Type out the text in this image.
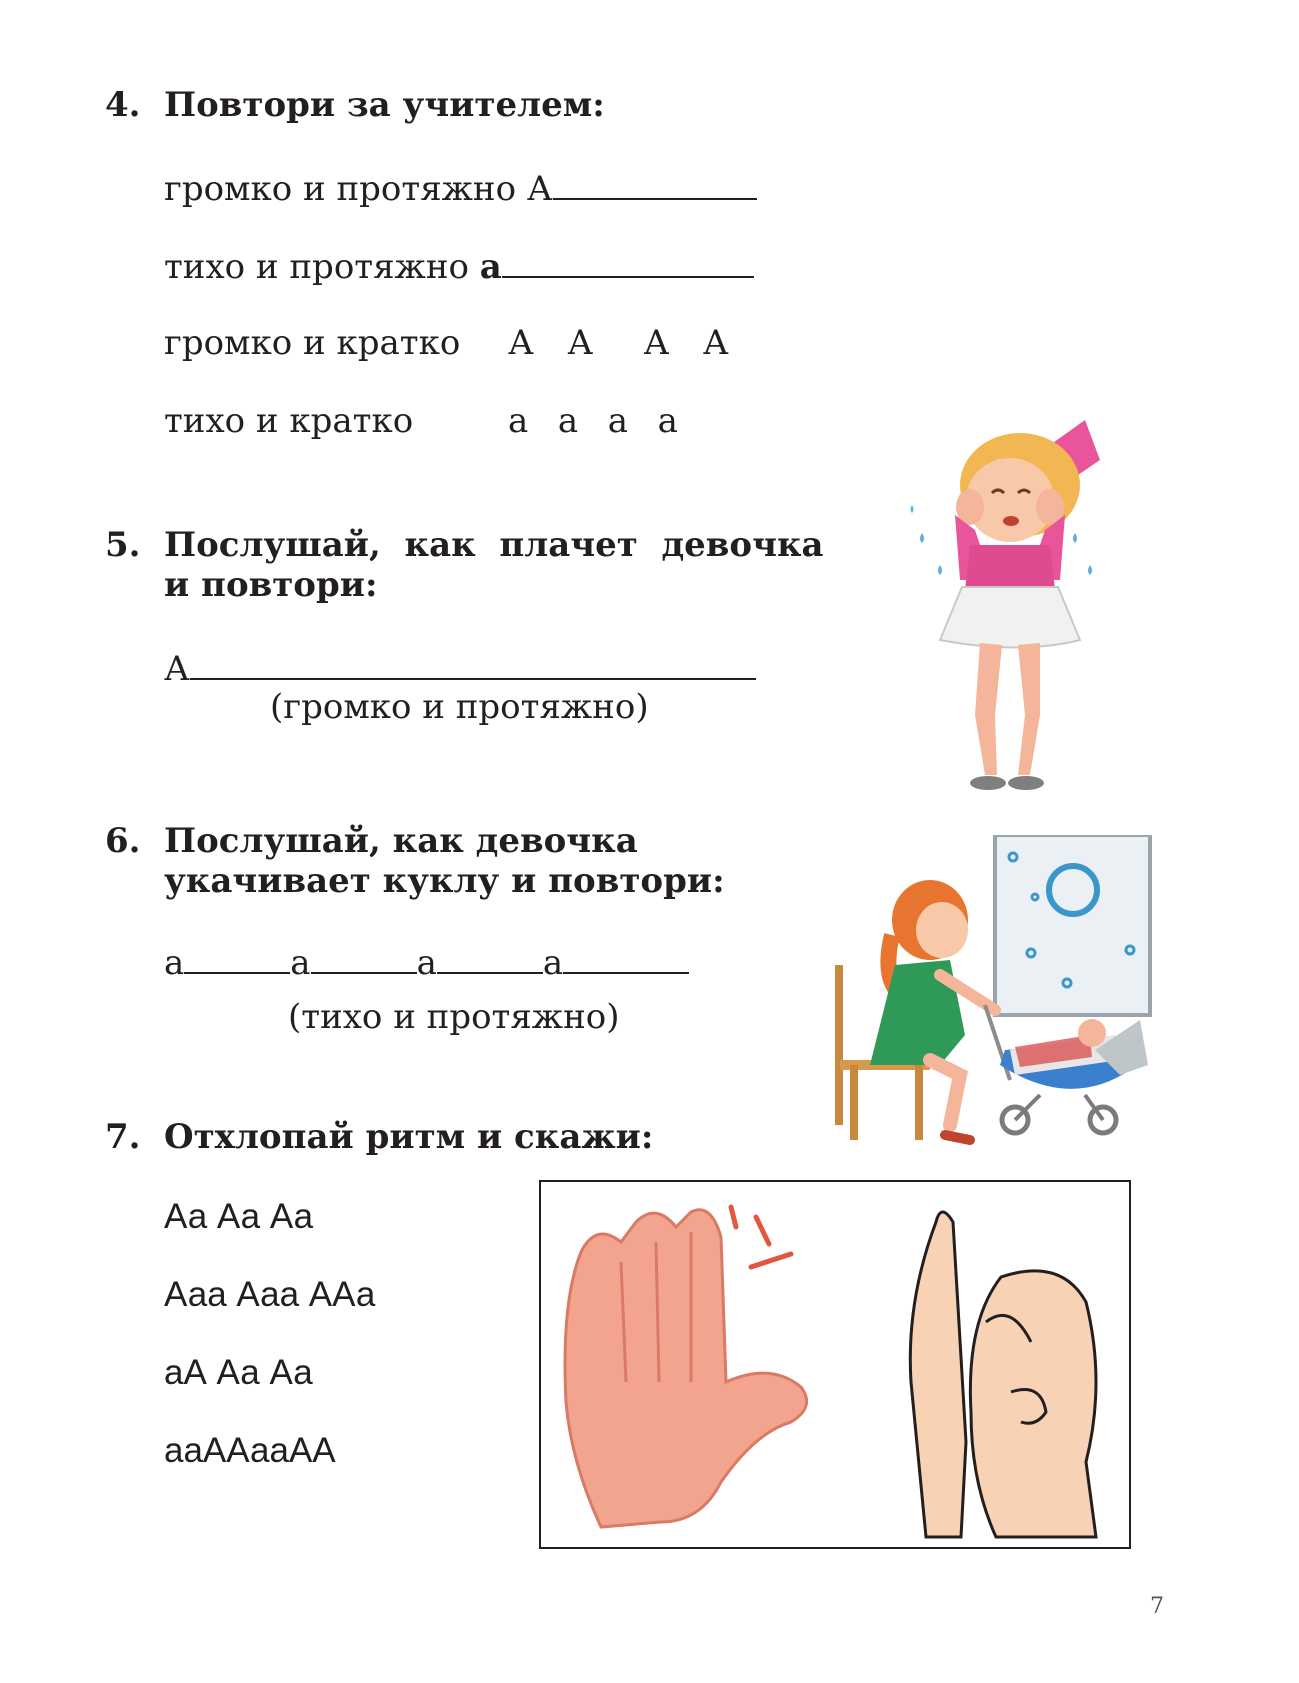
4. Повтори за учителем:
громко и протяжно А
тихо и протяжно а
громко и кратко А  А   А  А
тихо и кратко	а  а  а  а
5. Послушай,  как  плачет  девочка
и повтори:
А
(громко и протяжно)
6. Послушай, как девочка
укачивает куклу и повтори:
а	а	а	а
(тихо и протяжно)
7. Отхлопай ритм и скажи:
Аа Аа Аа
Ааа Ааа ААа
аА Аа Аа
ааААааАА
7
